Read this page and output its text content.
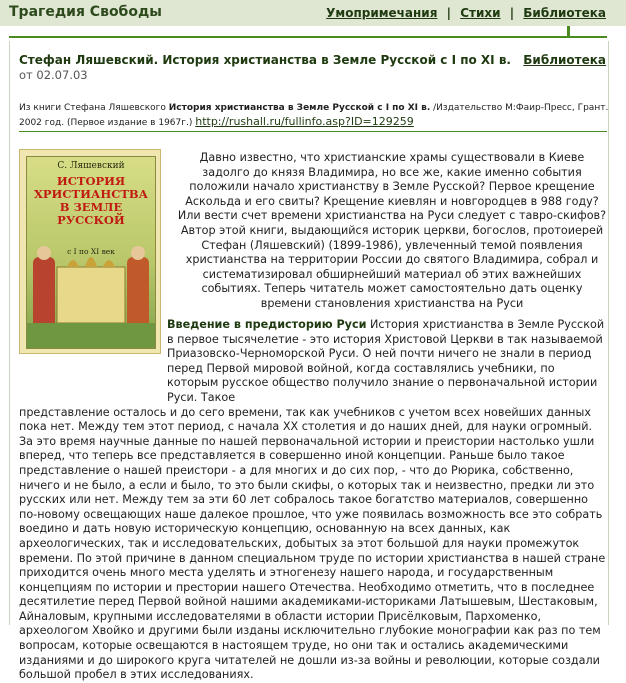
Трагедия Свободы	Умопримечания | Стихи | Библиотека
Стефан Ляшевский. История христианства в Земле Русской с I по XI в.
от 02.07.03
Библиотека
Из книги Стефана Ляшевского История христианства в Земле Русской с I по XI в. /Издательство М:Фаир-Пресс, Грант. 2002 год. (Первое издание в 1967г.) http://rushall.ru/fullinfo.asp?ID=129259
С. Ляшевский
ИСТОРИЯ ХРИСТИАНСТВА В ЗЕМЛЕ РУССКОЙ
с I по XI век
Давно известно, что христианские храмы существовали в Киеве задолго до князя Владимира, но все же, какие именно события положили начало христианству в Земле Русской? Первое крещение Аскольда и его свиты? Крещение киевлян и новгородцев в 988 году? Или вести счет времени христианства на Руси следует с тавро-скифов? Автор этой книги, выдающийся историк церкви, богослов, протоиерей Стефан (Ляшевский) (1899-1986), увлеченный темой появления христианства на территории России до святого Владимира, собрал и систематизировал обширнейший материал об этих важнейших событиях. Теперь читатель может самостоятельно дать оценку времени становления христианства на Руси
Введение в предисторию Руси История христианства в Земле Русской в первое тысячелетие - это история Христовой Церкви в так называемой Приазовско-Черноморской Руси. О ней почти ничего не знали в период перед Первой мировой войной, когда составлялись учебники, по которым русское общество получило знание о первоначальной истории Руси. Такое
представление осталось и до сего времени, так как учебников с учетом всех новейших данных пока нет. Между тем этот период, с начала XX столетия и до наших дней, для науки огромный. За это время научные данные по нашей первоначальной истории и преистории настолько ушли вперед, что теперь все представляется в совершенно иной концепции. Раньше было такое представление о нашей преистори - а для многих и до сих пор, - что до Рюрика, собственно, ничего и не было, а если и было, то это были скифы, о которых так и неизвестно, предки ли это русских или нет. Между тем за эти 60 лет собралось такое богатство материалов, совершенно по-новому освещающих наше далекое прошлое, что уже появилась возможность все это собрать воедино и дать новую историческую концепцию, основанную на всех данных, как археологических, так и исследовательских, добытых за этот большой для науки промежуток времени. По этой причине в данном специальном труде по истории христианства в нашей стране приходится очень много места уделять и этногенезу нашего народа, и государственным концепциям по истории и престории нашего Отечества. Необходимо отметить, что в последнее десятилетие перед Первой войной нашими академиками-историками Латышевым, Шестаковым, Айналовым, крупными исследователями в области истории Присёлковым, Пархоменко, археологом Хвойко и другими были изданы исключительно глубокие монографии как раз по тем вопросам, которые освещаются в настоящем труде, но они так и остались академическими изданиями и до широкого круга читателей не дошли из-за войны и революции, которые создали большой пробел в этих исследованиях.
